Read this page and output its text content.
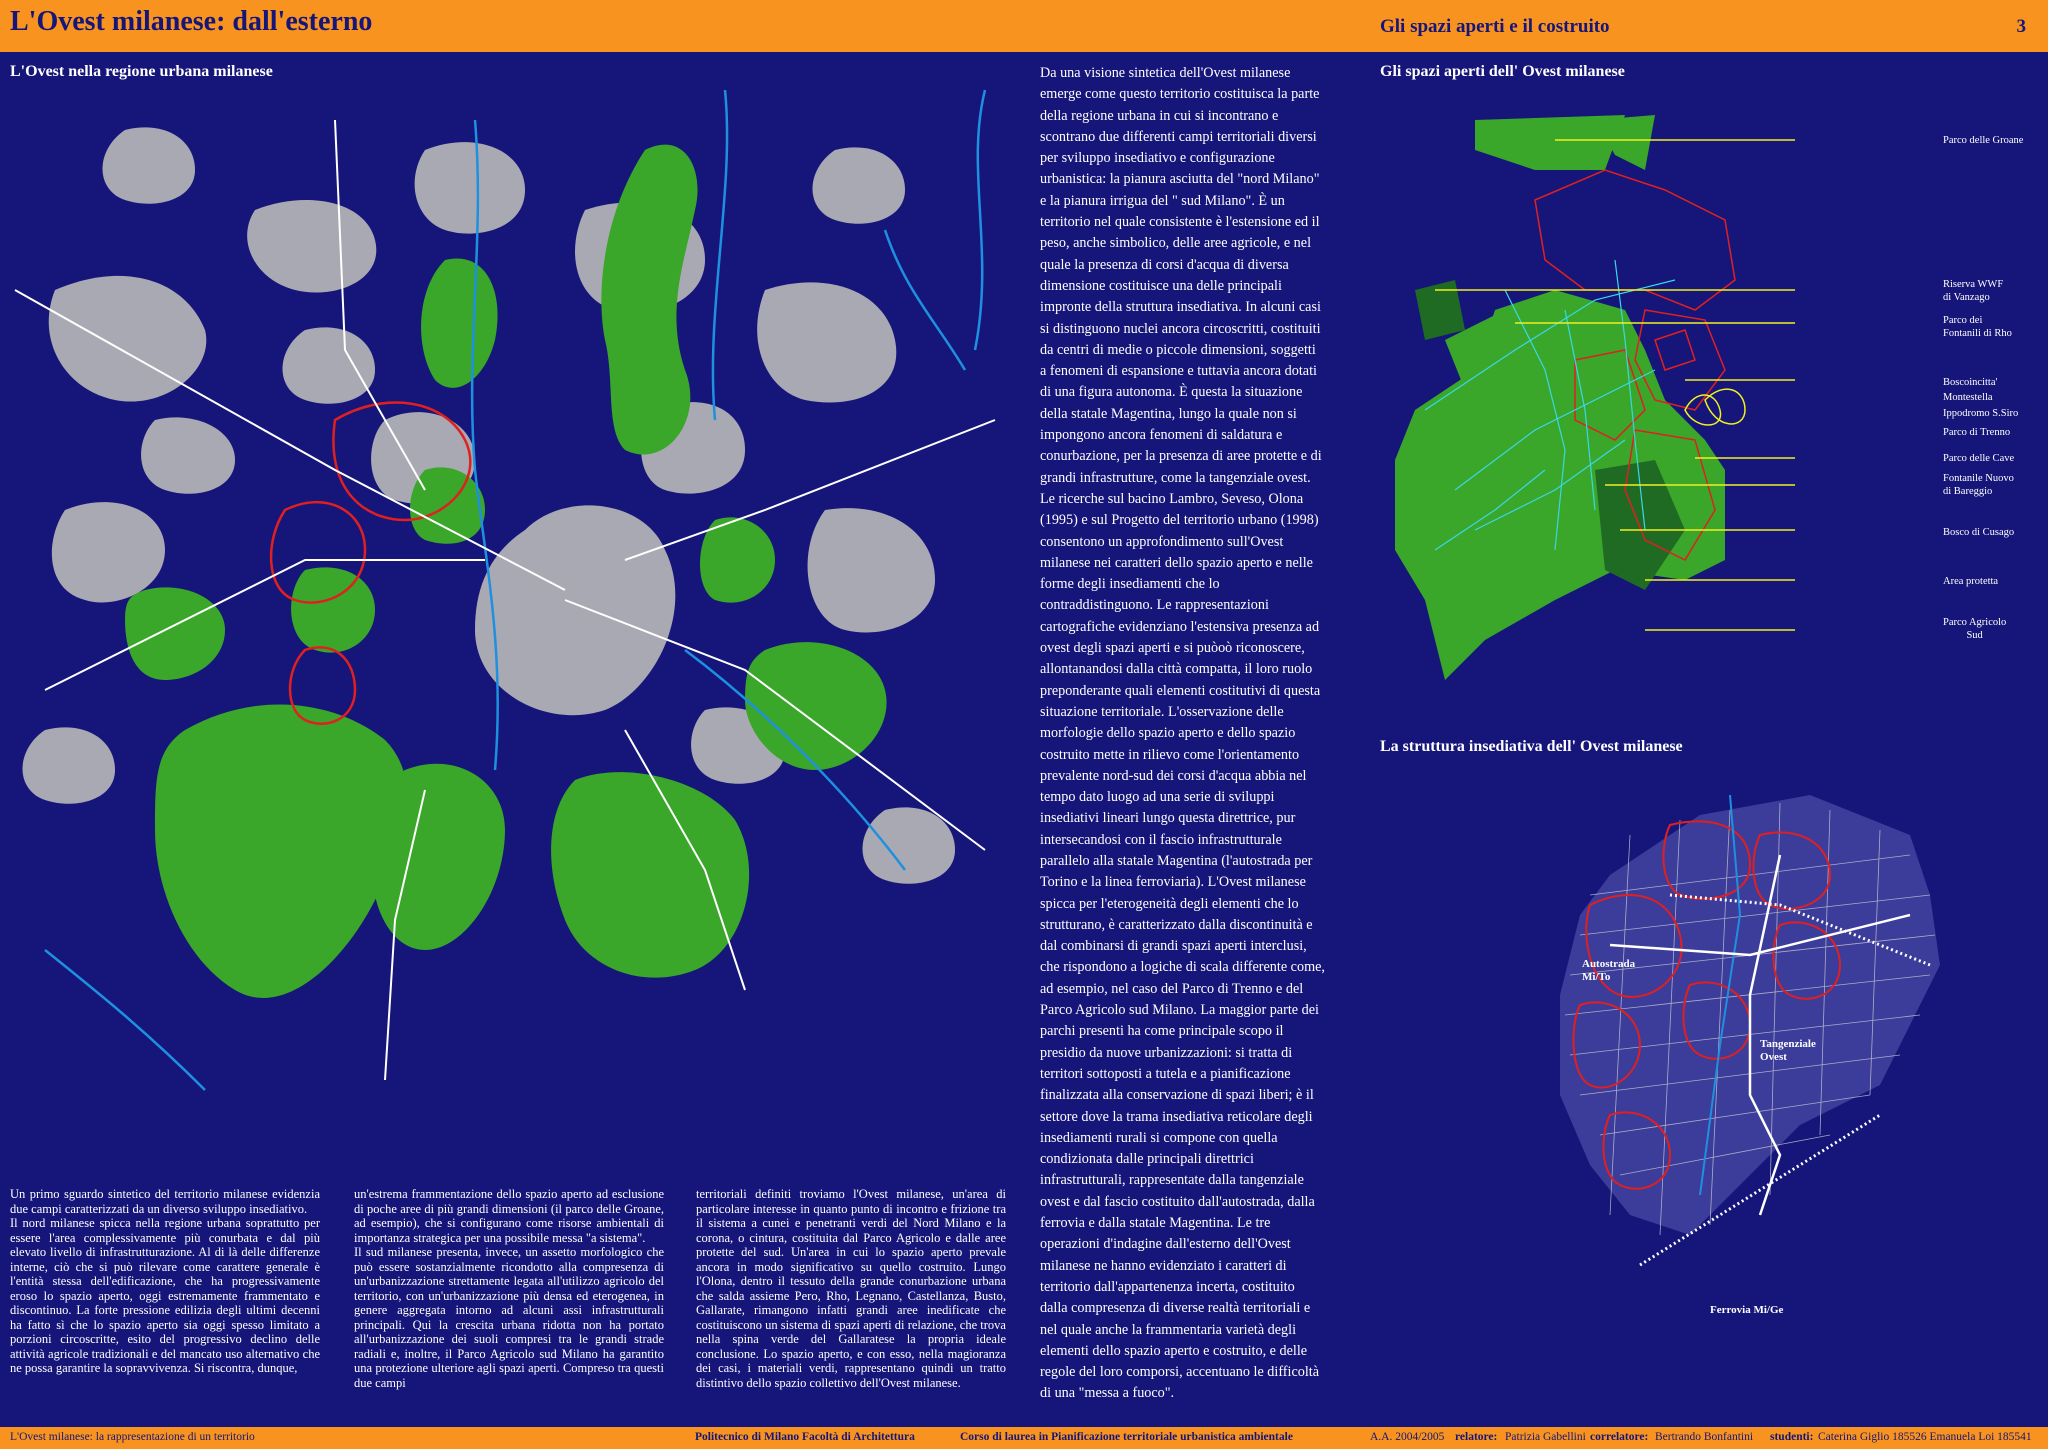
L'Ovest milanese: dall'esterno	Gli spazi aperti e il costruito	3
L'Ovest nella regione urbana milanese
Un primo sguardo sintetico del territorio milanese evidenzia due campi caratterizzati da un diverso sviluppo insediativo.
Il nord milanese spicca nella regione urbana soprattutto per essere l'area complessivamente più conurbata e dal più elevato livello di infrastrutturazione. Al di là delle differenze interne, ciò che si può rilevare come carattere generale è l'entità stessa dell'edificazione, che ha progressivamente eroso lo spazio aperto, oggi estremamente frammentato e discontinuo. La forte pressione edilizia degli ultimi decenni ha fatto sì che lo spazio aperto sia oggi spesso limitato a porzioni circoscritte, esito del progressivo declino delle attività agricole tradizionali e del mancato uso alternativo che ne possa garantire la sopravvivenza. Si riscontra, dunque,
un'estrema frammentazione dello spazio aperto ad esclusione di poche aree di più grandi dimensioni (il parco delle Groane, ad esempio), che si configurano come risorse ambientali di importanza strategica per una possibile messa "a sistema".
Il sud milanese presenta, invece, un assetto morfologico che può essere sostanzialmente ricondotto alla compresenza di un'urbanizzazione strettamente legata all'utilizzo agricolo del territorio, con un'urbanizzazione più densa ed eterogenea, in genere aggregata intorno ad alcuni assi infrastrutturali principali. Qui la crescita urbana ridotta non ha portato all'urbanizzazione dei suoli compresi tra le grandi strade radiali e, inoltre, il Parco Agricolo sud Milano ha garantito una protezione ulteriore agli spazi aperti. Compreso tra questi due campi
territoriali definiti troviamo l'Ovest milanese, un'area di particolare interesse in quanto punto di incontro e frizione tra il sistema a cunei e penetranti verdi del Nord Milano e la corona, o cintura, costituita dal Parco Agricolo e dalle aree protette del sud. Un'area in cui lo spazio aperto prevale ancora in modo significativo su quello costruito. Lungo l'Olona, dentro il tessuto della grande conurbazione urbana che salda assieme Pero, Rho, Legnano, Castellanza, Busto, Gallarate, rimangono infatti grandi aree inedificate che costituiscono un sistema di spazi aperti di relazione, che trova nella spina verde del Gallaratese la propria ideale conclusione. Lo spazio aperto, e con esso, nella magioranza dei casi, i materiali verdi, rappresentano quindi un tratto distintivo dello spazio collettivo dell'Ovest milanese.
Da una visione sintetica dell'Ovest milanese
emerge come questo territorio costituisca la parte
della regione urbana in cui si incontrano e
scontrano due differenti campi territoriali diversi
per sviluppo insediativo e configurazione
urbanistica: la pianura asciutta del "nord Milano"
e la pianura irrigua del " sud Milano". È un
territorio nel quale consistente è l'estensione ed il
peso, anche simbolico, delle aree agricole, e nel
quale la presenza di corsi d'acqua di diversa
dimensione costituisce una delle principali
impronte della struttura insediativa. In alcuni casi
si distinguono nuclei ancora circoscritti, costituiti
da centri di medie o piccole dimensioni, soggetti
a fenomeni di espansione e tuttavia ancora dotati
di una figura autonoma. È questa la situazione
della statale Magentina, lungo la quale non si
impongono ancora fenomeni di saldatura e
conurbazione, per la presenza di aree protette e di
grandi infrastrutture, come la tangenziale ovest.
Le ricerche sul bacino Lambro, Seveso, Olona
(1995) e sul Progetto del territorio urbano (1998)
consentono un approfondimento sull'Ovest
milanese nei caratteri dello spazio aperto e nelle
forme degli insediamenti che lo
contraddistinguono. Le rappresentazioni
cartografiche evidenziano l'estensiva presenza ad
ovest degli spazi aperti e si puòoò riconoscere,
allontanandosi dalla città compatta, il loro ruolo
preponderante quali elementi costitutivi di questa
situazione territoriale. L'osservazione delle
morfologie dello spazio aperto e dello spazio
costruito mette in rilievo come l'orientamento
prevalente nord-sud dei corsi d'acqua abbia nel
tempo dato luogo ad una serie di sviluppi
insediativi lineari lungo questa direttrice, pur
intersecandosi con il fascio infrastrutturale
parallelo alla statale Magentina (l'autostrada per
Torino e la linea ferroviaria). L'Ovest milanese
spicca per l'eterogeneità degli elementi che lo
strutturano, è caratterizzato dalla discontinuità e
dal combinarsi di grandi spazi aperti interclusi,
che rispondono a logiche di scala differente come,
ad esempio, nel caso del Parco di Trenno e del
Parco Agricolo sud Milano. La maggior parte dei
parchi presenti ha come principale scopo il
presidio da nuove urbanizzazioni: si tratta di
territori sottoposti a tutela e a pianificazione
finalizzata alla conservazione di spazi liberi; è il
settore dove la trama insediativa reticolare degli
insediamenti rurali si compone con quella
condizionata dalle principali direttrici
infrastrutturali, rappresentate dalla tangenziale
ovest e dal fascio costituito dall'autostrada, dalla
ferrovia e dalla statale Magentina. Le tre
operazioni d'indagine dall'esterno dell'Ovest
milanese ne hanno evidenziato i caratteri di
territorio dall'appartenenza incerta, costituito
dalla compresenza di diverse realtà territoriali e
nel quale anche la frammentaria varietà degli
elementi dello spazio aperto e costruito, e delle
regole del loro comporsi, accentuano le difficoltà
di una "messa a fuoco".
Gli spazi aperti dell' Ovest milanese
Parco delle Groane
Riserva WWF
di Vanzago
Parco dei
Fontanili di Rho
Boscoincitta'
Montestella
Ippodromo S.Siro
Parco di Trenno
Parco delle Cave
Fontanile Nuovo
di Bareggio
Bosco di Cusago
Area protetta
Parco Agricolo
Sud
La struttura insediativa dell' Ovest milanese
Autostrada
Mi/To
Tangenziale
Ovest
Ferrovia Mi/Ge
L'Ovest milanese: la rappresentazione di un territorio	Politecnico di Milano Facoltà di Architettura	Corso di laurea in Pianificazione territoriale urbanistica ambientale	A.A. 2004/2005 relatore: Patrizia Gabellini correlatore: Bertrando Bonfantini studenti: Caterina Giglio 185526 Emanuela Loi 185541
